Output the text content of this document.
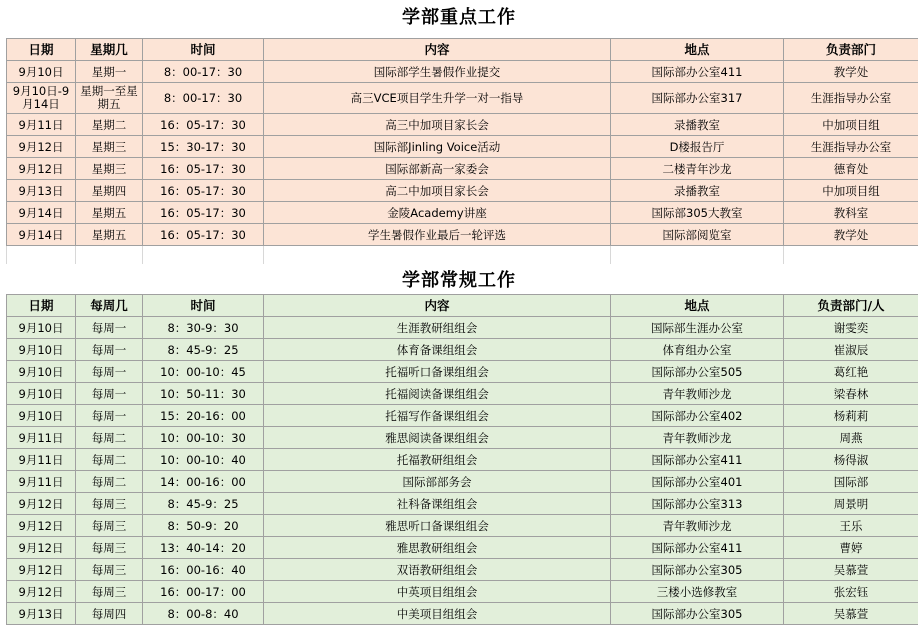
学部重点工作
日期	星期几	时间	内容	地点	负责部门
9月10日	星期一	8：00-17：30	国际部学生暑假作业提交	国际部办公室411	教学处
9月10日-9月14日	星期一至星期五	8：00-17：30	高三VCE项目学生升学一对一指导	国际部办公室317	生涯指导办公室
9月11日	星期二	16：05-17：30	高三中加项目家长会	录播教室	中加项目组
9月12日	星期三	15：30-17：30	国际部Jinling Voice活动	D楼报告厅	生涯指导办公室
9月12日	星期三	16：05-17：30	国际部新高一家委会	二楼青年沙龙	德育处
9月13日	星期四	16：05-17：30	高二中加项目家长会	录播教室	中加项目组
9月14日	星期五	16：05-17：30	金陵Academy讲座	国际部305大教室	教科室
9月14日	星期五	16：05-17：30	学生暑假作业最后一轮评选	国际部阅览室	教学处

学部常规工作
日期	每周几	时间	内容	地点	负责部门/人
9月10日	每周一	8：30-9：30	生涯教研组组会	国际部生涯办公室	谢雯奕
9月10日	每周一	8：45-9：25	体育备课组组会	体育组办公室	崔淑辰
9月10日	每周一	10：00-10：45	托福听口备课组组会	国际部办公室505	葛红艳
9月10日	每周一	10：50-11：30	托福阅读备课组组会	青年教师沙龙	梁春林
9月10日	每周一	15：20-16：00	托福写作备课组组会	国际部办公室402	杨莉莉
9月11日	每周二	10：00-10：30	雅思阅读备课组组会	青年教师沙龙	周燕
9月11日	每周二	10：00-10：40	托福教研组组会	国际部办公室411	杨得淑
9月11日	每周二	14：00-16：00	国际部部务会	国际部办公室401	国际部
9月12日	每周三	8：45-9：25	社科备课组组会	国际部办公室313	周景明
9月12日	每周三	8：50-9：20	雅思听口备课组组会	青年教师沙龙	王乐
9月12日	每周三	13：40-14：20	雅思教研组组会	国际部办公室411	曹婷
9月12日	每周三	16：00-16：40	双语教研组组会	国际部办公室305	吴慕萱
9月12日	每周三	16：00-17：00	中英项目组组会	三楼小选修教室	张宏钰
9月13日	每周四	8：00-8：40	中美项目组组会	国际部办公室305	吴慕萱
